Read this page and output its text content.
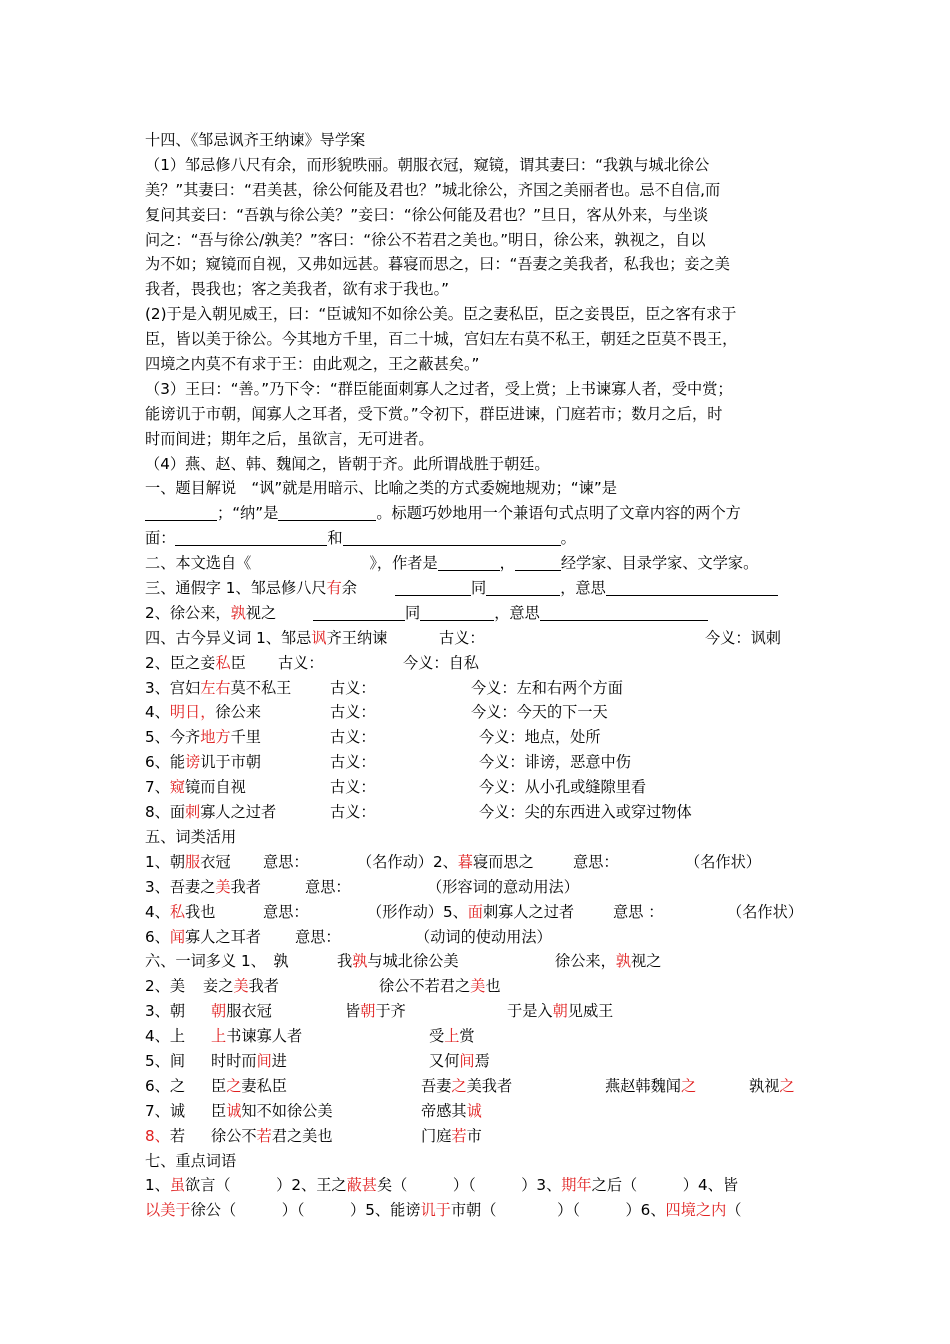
十四、《邹忌讽齐王纳谏》导学案
（1）邹忌修八尺有余，而形貌昳丽。朝服衣冠，窥镜，谓其妻曰：“我孰与城北徐公
美？”其妻曰：“君美甚，徐公何能及君也？”城北徐公，齐国之美丽者也。忌不自信,而
复问其妾曰：“吾孰与徐公美？”妾曰：“徐公何能及君也？”旦日，客从外来，与坐谈
问之：“吾与徐公/孰美？”客曰：“徐公不若君之美也。”明日，徐公来，孰视之，自以
为不如；窥镜而自视，又弗如远甚。暮寝而思之，曰：“吾妻之美我者，私我也；妾之美
我者，畏我也；客之美我者，欲有求于我也。”
(2)于是入朝见威王，曰：“臣诚知不如徐公美。臣之妻私臣，臣之妾畏臣，臣之客有求于
臣，皆以美于徐公。今其地方千里，百二十城，宫妇左右莫不私王，朝廷之臣莫不畏王，
四境之内莫不有求于王：由此观之，王之蔽甚矣。”
（3）王曰：“善。”乃下令：“群臣能面刺寡人之过者，受上赏；上书谏寡人者，受中赏；
能谤讥于市朝，闻寡人之耳者，受下赏。”令初下，群臣进谏，门庭若市；数月之后，时
时而间进；期年之后，虽欲言，无可进者。
（4）燕、赵、韩、魏闻之，皆朝于齐。此所谓战胜于朝廷。
一、题目解说　“讽”就是用暗示、比喻之类的方式委婉地规劝；“谏”是
；“纳”是	。标题巧妙地用一个兼语句式点明了文章内容的两个方
面：	和	。
二、本文选自《	》，作者是	，	经学家、目录学家、文学家。
三、通假字 1、邹忌修八尺有余	同	，意思
2、徐公来，孰视之	同	，意思
四、古今异义词 1、邹忌讽齐王纳谏	古义：	今义：讽刺
2、臣之妾私臣 古义：	今义：自私
3、宫妇左右莫不私王	古义：	今义：左和右两个方面
4、明日，徐公来	古义：	今义：今天的下一天
5、今齐地方千里	古义：	今义：地点，处所
6、能谤讥于市朝	古义：	今义：诽谤，恶意中伤
7、窥镜而自视	古义：	今义：从小孔或缝隙里看
8、面刺寡人之过者	古义：	今义：尖的东西进入或穿过物体
五、词类活用
1、朝服衣冠 意思：	（名作动）2、暮寝而思之	意思：	（名作状）
3、吾妻之美我者	意思：	（形容词的意动用法）
4、私我也	意思：	（形作动）5、面刺寡人之过者	意思 ：	（名作状）
6、闻寡人之耳者 意思：	（动词的使动用法）
六、一词多义 1、　孰	我孰与城北徐公美	徐公来，孰视之
2、美 妾之美我者	徐公不若君之美也
3、朝 朝服衣冠	皆朝于齐	于是入朝见威王
4、上 上书谏寡人者	受上赏
5、间 时时而间进	又何间焉
6、之 臣之妻私臣	吾妻之美我者	燕赵韩魏闻之	孰视之
7、诚 臣诚知不如徐公美	帝感其诚
8、若 徐公不若君之美也	门庭若市
七、重点词语
1、虽欲言（　　　）2、王之蔽甚矣（　　　）（　　　）3、期年之后（　　　）4、皆
以美于徐公（　　　）（　　　）5、能谤讥于市朝（　　　　）（　　　）6、四境之内（
